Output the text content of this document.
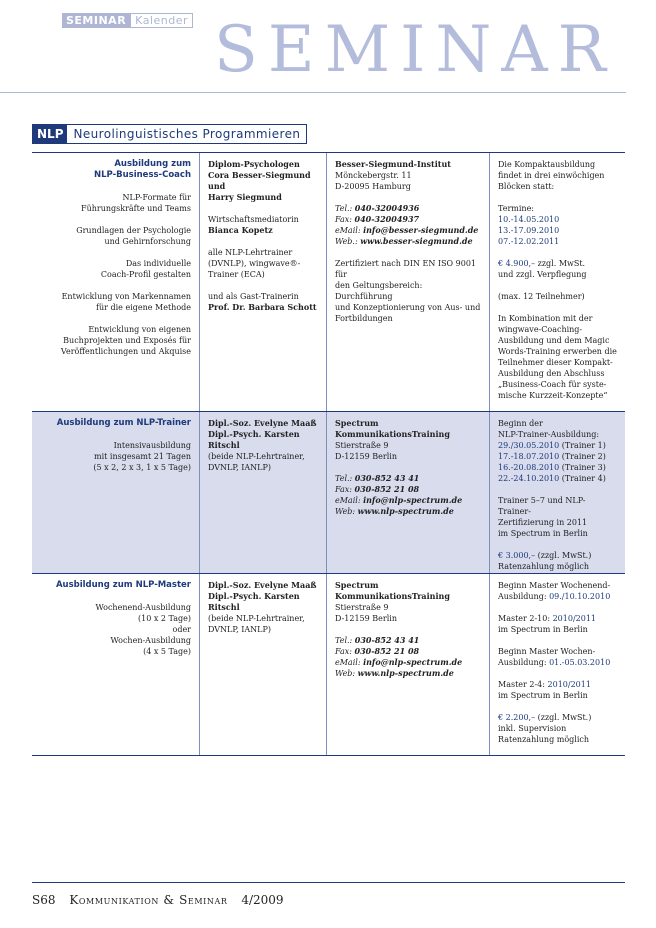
SEMINAR Kalender SEMINAR
NLP Neurolinguistisches Programmieren
Ausbildung zum
NLP-Business-Coach
NLP-Formate für
Führungskräfte und Teams
Grundlagen der Psychologie
und Gehirnforschung
Das individuelle
Coach-Profil gestalten
Entwicklung von Markennamen
für die eigene Methode
Entwicklung von eigenen
Buchprojekten und Exposés für
Veröffentlichungen und Akquise
Diplom-Psychologen
Cora Besser-Siegmund und
Harry Siegmund
Wirtschaftsmediatorin
Bianca Kopetz
alle NLP-Lehrtrainer
(DVNLP), wingwave®-
Trainer (ECA)
und als Gast-Trainerin
Prof. Dr. Barbara Schott
Besser-Siegmund-Institut
Mönckebergstr. 11
D-20095 Hamburg
Tel.: 040-32004936
Fax: 040-32004937
eMail: info@besser-siegmund.de
Web.: www.besser-siegmund.de
Zertifiziert nach DIN EN ISO 9001 für
den Geltungsbereich: Durchführung
und Konzeptionierung von Aus- und
Fortbildungen
Die Kompaktausbildung
findet in drei einwöchigen
Blöcken statt:
Termine:
10.-14.05.2010
13.-17.09.2010
07.-12.02.2011
€ 4.900,– zzgl. MwSt.
und zzgl. Verpflegung
(max. 12 Teilnehmer)
In Kombination mit der
wingwave-Coaching-
Ausbildung und dem Magic
Words-Training erwerben die
Teilnehmer dieser Kompakt-
Ausbildung den Abschluss
„Business-Coach für syste-
mische Kurzzeit-Konzepte“
Ausbildung zum NLP-Trainer
Intensivausbildung
mit insgesamt 21 Tagen
(5 x 2, 2 x 3, 1 x 5 Tage)
Dipl.-Soz. Evelyne Maaß
Dipl.-Psych. Karsten Ritschl
(beide NLP-Lehrtrainer,
DVNLP, IANLP)
Spectrum KommunikationsTraining
Stierstraße 9
D-12159 Berlin
Tel.: 030-852 43 41
Fax: 030-852 21 08
eMail: info@nlp-spectrum.de
Web: www.nlp-spectrum.de
Beginn der
NLP-Trainer-Ausbildung:
29./30.05.2010 (Trainer 1)
17.-18.07.2010 (Trainer 2)
16.-20.08.2010 (Trainer 3)
22.-24.10.2010 (Trainer 4)
Trainer 5–7 und NLP-Trainer-
Zertifizierung in 2011
im Spectrum in Berlin
€ 3.000,– (zzgl. MwSt.)
Ratenzahlung möglich
Ausbildung zum NLP-Master
Wochenend-Ausbildung
(10 x 2 Tage)
oder
Wochen-Ausbildung
(4 x 5 Tage)
Dipl.-Soz. Evelyne Maaß
Dipl.-Psych. Karsten Ritschl
(beide NLP-Lehrtrainer,
DVNLP, IANLP)
Spectrum KommunikationsTraining
Stierstraße 9
D-12159 Berlin
Tel.: 030-852 43 41
Fax: 030-852 21 08
eMail: info@nlp-spectrum.de
Web: www.nlp-spectrum.de
Beginn Master Wochenend-
Ausbildung: 09./10.10.2010
Master 2-10: 2010/2011
im Spectrum in Berlin
Beginn Master Wochen-
Ausbildung: 01.-05.03.2010
Master 2-4: 2010/2011
im Spectrum in Berlin
€ 2.200,– (zzgl. MwSt.)
inkl. Supervision
Ratenzahlung möglich
S68 Kommunikation & Seminar 4/2009
